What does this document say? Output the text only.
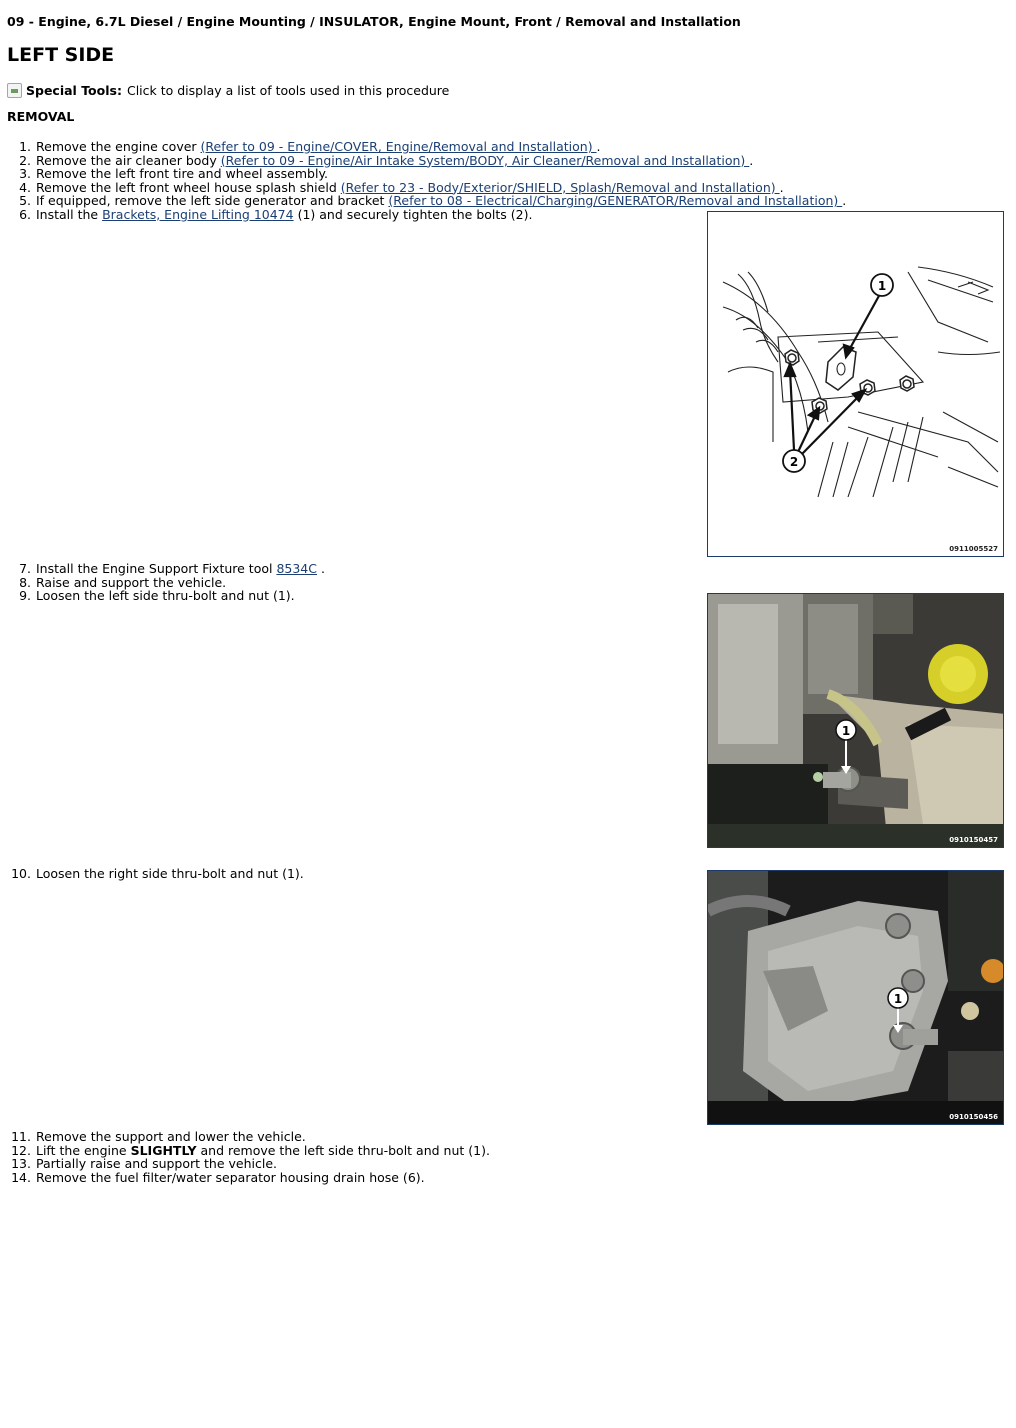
09 - Engine, 6.7L Diesel / Engine Mounting / INSULATOR, Engine Mount, Front / Removal and Installation
LEFT SIDE
Special Tools: Click to display a list of tools used in this procedure
REMOVAL
1. Remove the engine cover (Refer to 09 - Engine/COVER, Engine/Removal and Installation) .
2. Remove the air cleaner body (Refer to 09 - Engine/Air Intake System/BODY, Air Cleaner/Removal and Installation) .
3. Remove the left front tire and wheel assembly.
4. Remove the left front wheel house splash shield (Refer to 23 - Body/Exterior/SHIELD, Splash/Removal and Installation) .
5. If equipped, remove the left side generator and bracket (Refer to 08 - Electrical/Charging/GENERATOR/Removal and Installation) .
6. Install the Brackets, Engine Lifting 10474 (1) and securely tighten the bolts (2).
1
2
0911005527
7. Install the Engine Support Fixture tool 8534C .
8. Raise and support the vehicle.
9. Loosen the left side thru-bolt and nut (1).
1
0910150457
10. Loosen the right side thru-bolt and nut (1).
1
0910150456
11. Remove the support and lower the vehicle.
12. Lift the engine SLIGHTLY and remove the left side thru-bolt and nut (1).
13. Partially raise and support the vehicle.
14. Remove the fuel filter/water separator housing drain hose (6).
